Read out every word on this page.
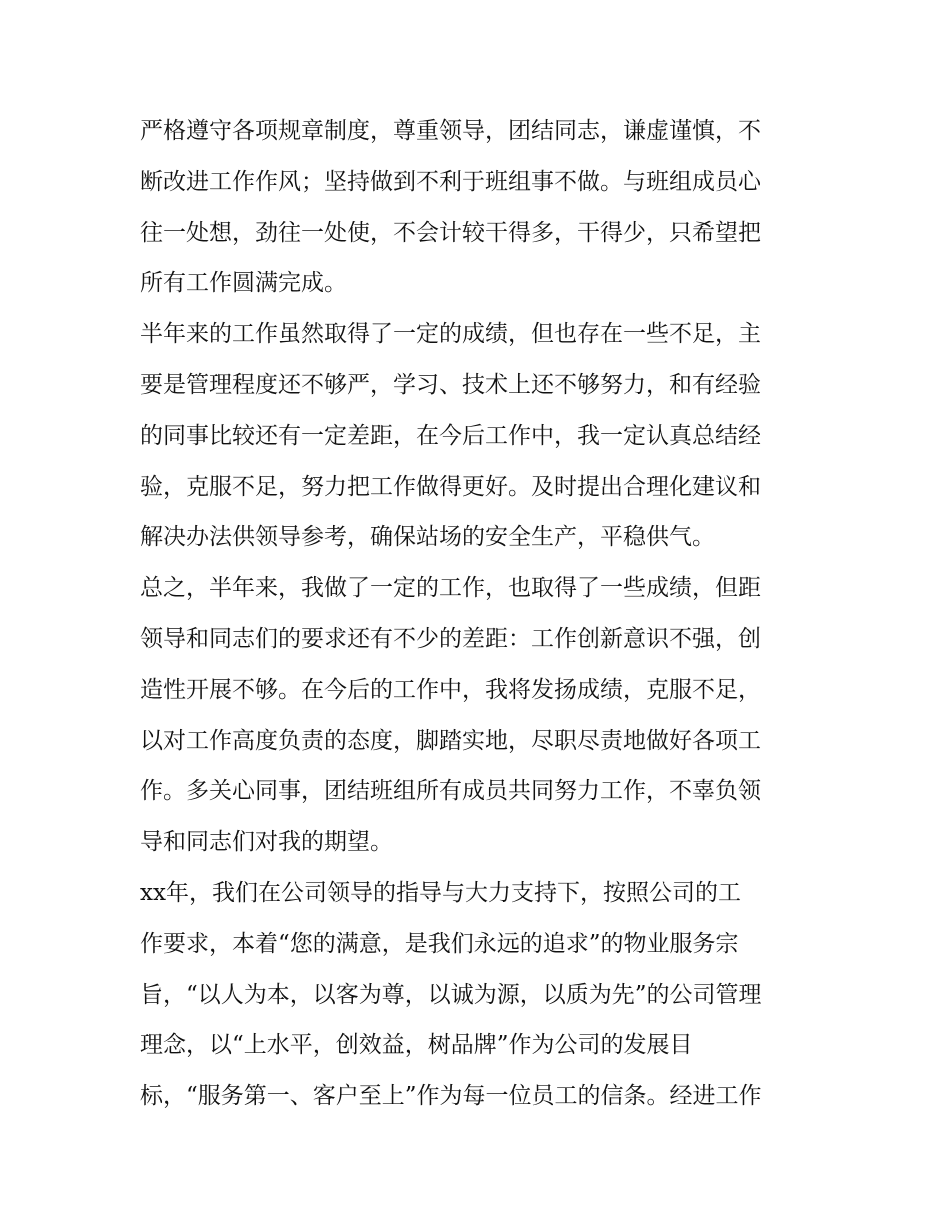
严格遵守各项规章制度，尊重领导，团结同志，谦虚谨慎，不
断改进工作作风；坚持做到不利于班组事不做。与班组成员心
往一处想，劲往一处使，不会计较干得多，干得少，只希望把
所有工作圆满完成。
半年来的工作虽然取得了一定的成绩，但也存在一些不足，主
要是管理程度还不够严，学习、技术上还不够努力，和有经验
的同事比较还有一定差距，在今后工作中，我一定认真总结经
验，克服不足，努力把工作做得更好。及时提出合理化建议和
解决办法供领导参考，确保站场的安全生产，平稳供气。
总之，半年来，我做了一定的工作，也取得了一些成绩，但距
领导和同志们的要求还有不少的差距：工作创新意识不强，创
造性开展不够。在今后的工作中，我将发扬成绩，克服不足，
以对工作高度负责的态度，脚踏实地，尽职尽责地做好各项工
作。多关心同事，团结班组所有成员共同努力工作，不辜负领
导和同志们对我的期望。
xx年，我们在公司领导的指导与大力支持下，按照公司的工
作要求，本着“您的满意，是我们永远的追求”的物业服务宗
旨，“以人为本，以客为尊，以诚为源，以质为先”的公司管理
理念，以“上水平，创效益，树品牌”作为公司的发展目
标，“服务第一、客户至上”作为每一位员工的信条。经进工作
